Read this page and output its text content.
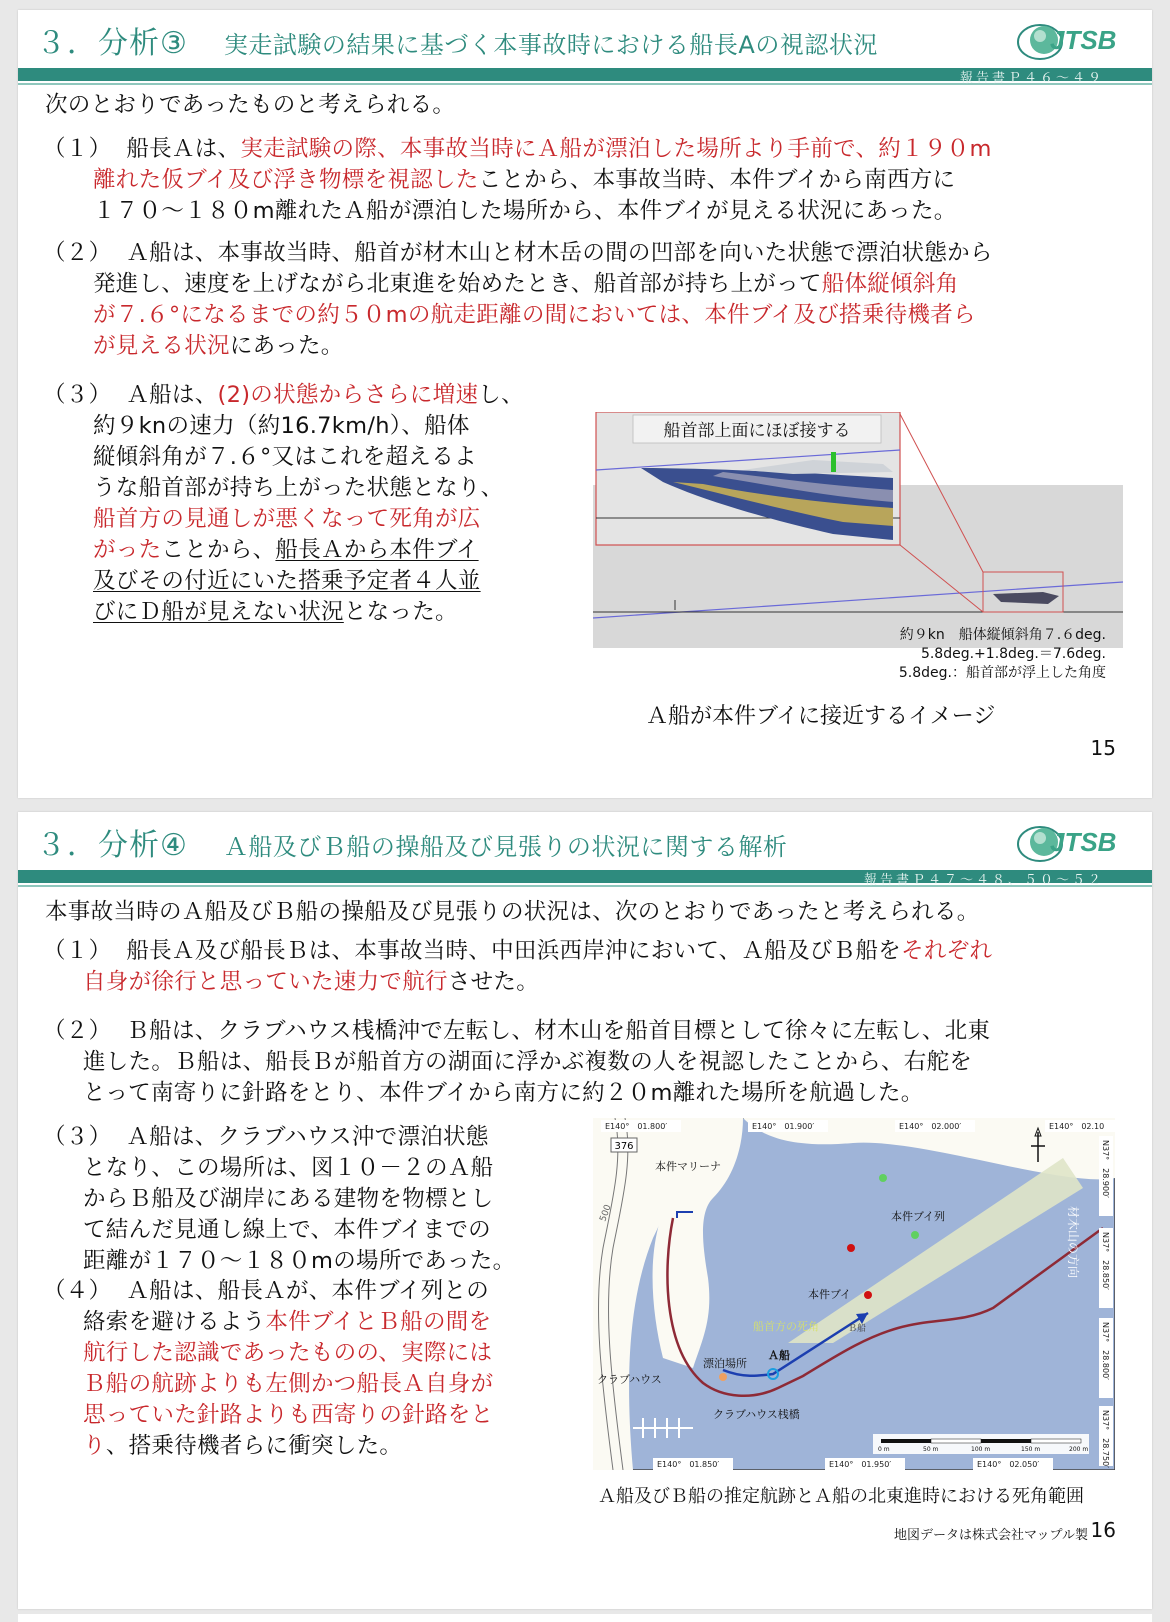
３．分析③ 実走試験の結果に基づく本事故時における船長Aの視認状況	JTSB
報告書Ｐ４６～４９
次のとおりであったものと考えられる。
（１） 船長Ａは、実走試験の際、本事故当時にＡ船が漂泊した場所より手前で、約１９０m
離れた仮ブイ及び浮き物標を視認したことから、本事故当時、本件ブイから南西方に
１７０～１８０m離れたＡ船が漂泊した場所から、本件ブイが見える状況にあった。
（２） Ａ船は、本事故当時、船首が材木山と材木岳の間の凹部を向いた状態で漂泊状態から
発進し、速度を上げながら北東進を始めたとき、船首部が持ち上がって船体縦傾斜角
が７.６°になるまでの約５０mの航走距離の間においては、本件ブイ及び搭乗待機者ら
が見える状況にあった。
（３） Ａ船は、(2)の状態からさらに増速し、
約９knの速力（約16.7km/h）、船体
縦傾斜角が７.６°又はこれを超えるよ
うな船首部が持ち上がった状態となり、
船首方の見通しが悪くなって死角が広
がったことから、船長Ａから本件ブイ
及びその付近にいた搭乗予定者４人並
びにＤ船が見えない状況となった。
船首部上面にほぼ接する
約９kn　船体縦傾斜角７.６deg.
5.8deg.+1.8deg.＝7.6deg.
5.8deg.：船首部が浮上した角度
Ａ船が本件ブイに接近するイメージ
15
３．分析④ Ａ船及びＢ船の操船及び見張りの状況に関する解析	JTSB
報告書Ｐ４７～４８、５０～５２
本事故当時のＡ船及びＢ船の操船及び見張りの状況は、次のとおりであったと考えられる。
（１） 船長Ａ及び船長Ｂは、本事故当時、中田浜西岸沖において、Ａ船及びＢ船をそれぞれ
自身が徐行と思っていた速力で航行させた。
（２） Ｂ船は、クラブハウス桟橋沖で左転し、材木山を船首目標として徐々に左転し、北東
進した。Ｂ船は、船長Ｂが船首方の湖面に浮かぶ複数の人を視認したことから、右舵を
とって南寄りに針路をとり、本件ブイから南方に約２０m離れた場所を航過した。
（３） Ａ船は、クラブハウス沖で漂泊状態
となり、この場所は、図１０－２のＡ船
からＢ船及び湖岸にある建物を物標とし
て結んだ見通し線上で、本件ブイまでの
距離が１７０～１８０mの場所であった。
（４） Ａ船は、船長Ａが、本件ブイ列との
絡索を避けるよう本件ブイとＢ船の間を
航行した認識であったものの、実際には
Ｂ船の航跡よりも左側かつ船長Ａ自身が
思っていた針路よりも西寄りの針路をと
り、搭乗待機者らに衝突した。
376
500
本件マリーナ
本件ブイ列
本件ブイ
船首方の死角	Ｂ船
Ａ船
漂泊場所
クラブハウス
クラブハウス桟橋
材木山の方向
E140°　01.800′	E140°　01.900′	E140°　02.000′	E140°　02.10
E140°　01.850′	E140°　01.950′	E140°　02.050′
N37°　28.900′
N37°　28.850′
N37°　28.800′
N37°　28.750′
0 m	50 m	100 m	150 m	200 m
Ａ船及びＢ船の推定航跡とＡ船の北東進時における死角範囲
地図データは株式会社マップル製 16
